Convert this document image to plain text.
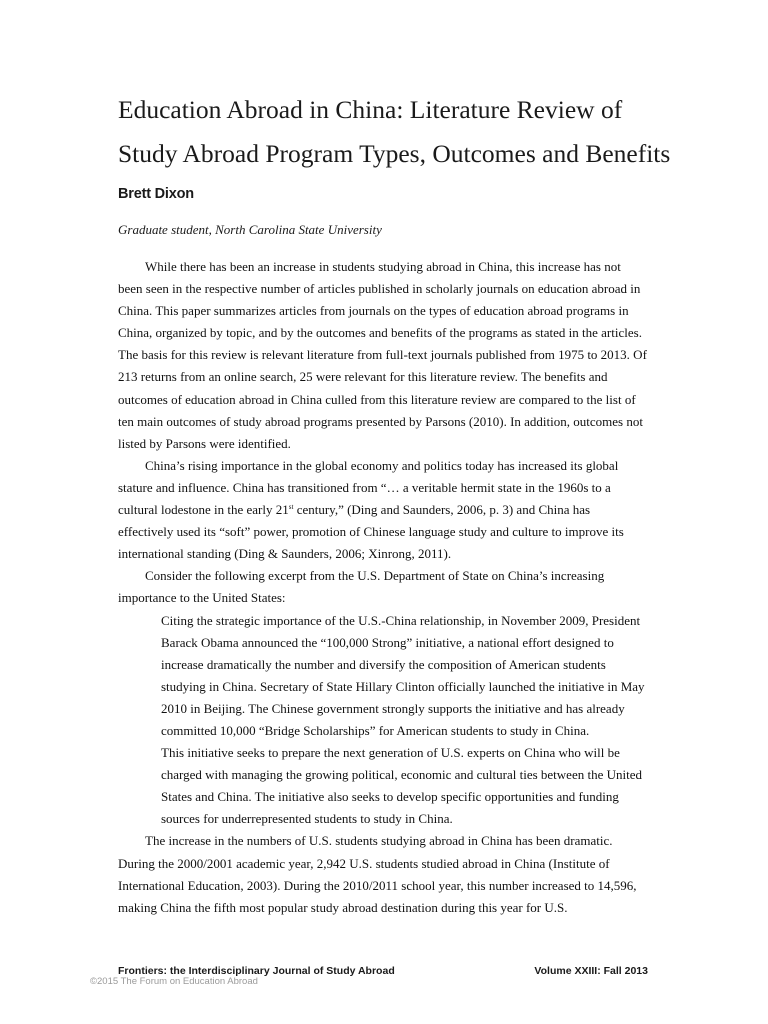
Education Abroad in China: Literature Review of Study Abroad Program Types, Outcomes and Benefits
Brett Dixon
Graduate student, North Carolina State University

While there has been an increase in students studying abroad in China, this increase has not been seen in the respective number of articles published in scholarly journals on education abroad in China. This paper summarizes articles from journals on the types of education abroad programs in China, organized by topic, and by the outcomes and benefits of the programs as stated in the articles. The basis for this review is relevant literature from full-text journals published from 1975 to 2013. Of 213 returns from an online search, 25 were relevant for this literature review. The benefits and outcomes of education abroad in China culled from this literature review are compared to the list of ten main outcomes of study abroad programs presented by Parsons (2010). In addition, outcomes not listed by Parsons were identified.

China’s rising importance in the global economy and politics today has increased its global stature and influence. China has transitioned from “… a veritable hermit state in the 1960s to a cultural lodestone in the early 21st century,” (Ding and Saunders, 2006, p. 3) and China has effectively used its “soft” power, promotion of Chinese language study and culture to improve its international standing (Ding & Saunders, 2006; Xinrong, 2011).

Consider the following excerpt from the U.S. Department of State on China’s increasing importance to the United States:

Citing the strategic importance of the U.S.-China relationship, in November 2009, President Barack Obama announced the “100,000 Strong” initiative, a national effort designed to increase dramatically the number and diversify the composition of American students studying in China. Secretary of State Hillary Clinton officially launched the initiative in May 2010 in Beijing. The Chinese government strongly supports the initiative and has already committed 10,000 “Bridge Scholarships” for American students to study in China.

This initiative seeks to prepare the next generation of U.S. experts on China who will be charged with managing the growing political, economic and cultural ties between the United States and China. The initiative also seeks to develop specific opportunities and funding sources for underrepresented students to study in China.

The increase in the numbers of U.S. students studying abroad in China has been dramatic. During the 2000/2001 academic year, 2,942 U.S. students studied abroad in China (Institute of International Education, 2003). During the 2010/2011 school year, this number increased to 14,596, making China the fifth most popular study abroad destination during this year for U.S.

Frontiers: the Interdisciplinary Journal of Study Abroad	Volume XXIII: Fall 2013
©2015 The Forum on Education Abroad
